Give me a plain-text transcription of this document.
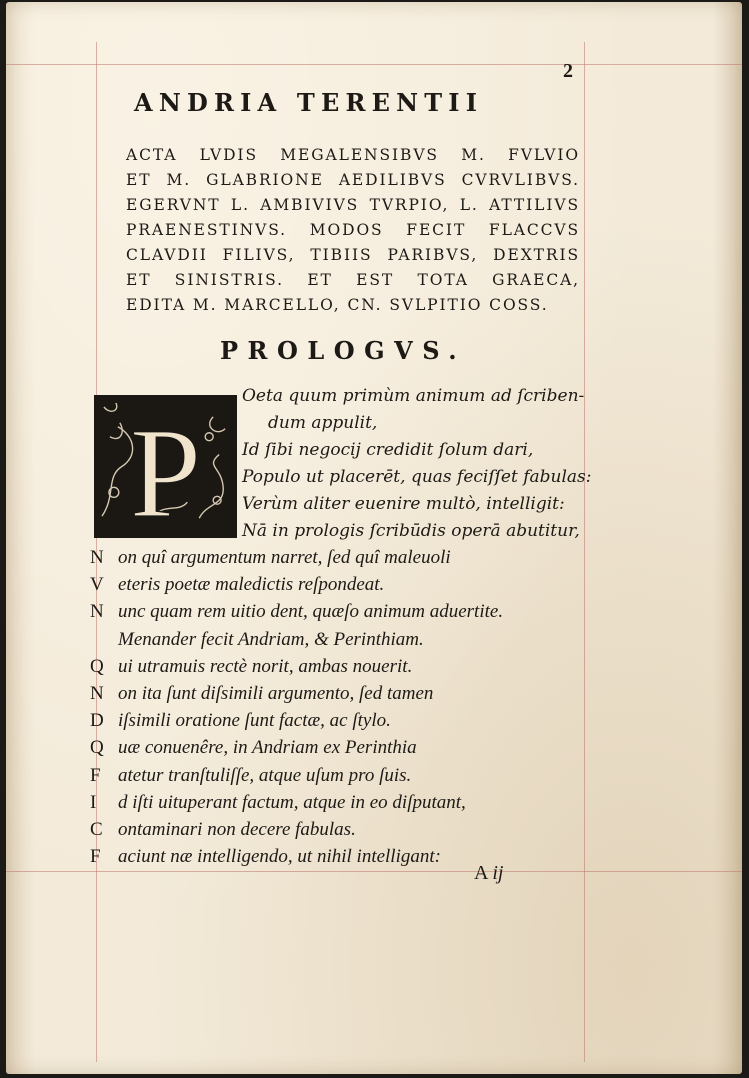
2
ANDRIA TERENTII
ACTA LVDIS MEGALENSIBVS M. FVLVIO
ET M. GLABRIONE AEDILIBVS CVRVLIBVS.
EGERVNT L. AMBIVIVS TVRPIO, L. ATTILIVS
PRAENESTINVS. MODOS FECIT FLACCVS
CLAVDII FILIVS, TIBIIS PARIBVS, DEXTRIS
ET SINISTRIS. ET EST TOTA GRAECA,
EDITA M. MARCELLO, CN. SVLPITIO COSS.
PROLOGVS.
P
Oeta quum primùm animum ad ſcriben-
dum appulit,
Id ſibi negocij credidit ſolum dari,
Populo ut placerēt, quas feciſſet fabulas:
Verùm aliter euenire multò, intelligit:
Nā in prologis ſcribūdis operā abutitur,
N on quî argumentum narret, ſed quî maleuoli
V eteris poetæ maledictis reſpondeat.
N unc quam rem uitio dent, quæſo animum aduertite.
Menander fecit Andriam, & Perinthiam.
Q ui utramuis rectè norit, ambas nouerit.
N on ita ſunt diſsimili argumento, ſed tamen
D iſsimili oratione ſunt factæ, ac ſtylo.
Q uæ conuenêre, in Andriam ex Perinthia
F atetur tranſtuliſſe, atque uſum pro ſuis.
I d iſti uituperant factum, atque in eo diſputant,
C ontaminari non decere fabulas.
F aciunt næ intelligendo, ut nihil intelligant:
A ij
